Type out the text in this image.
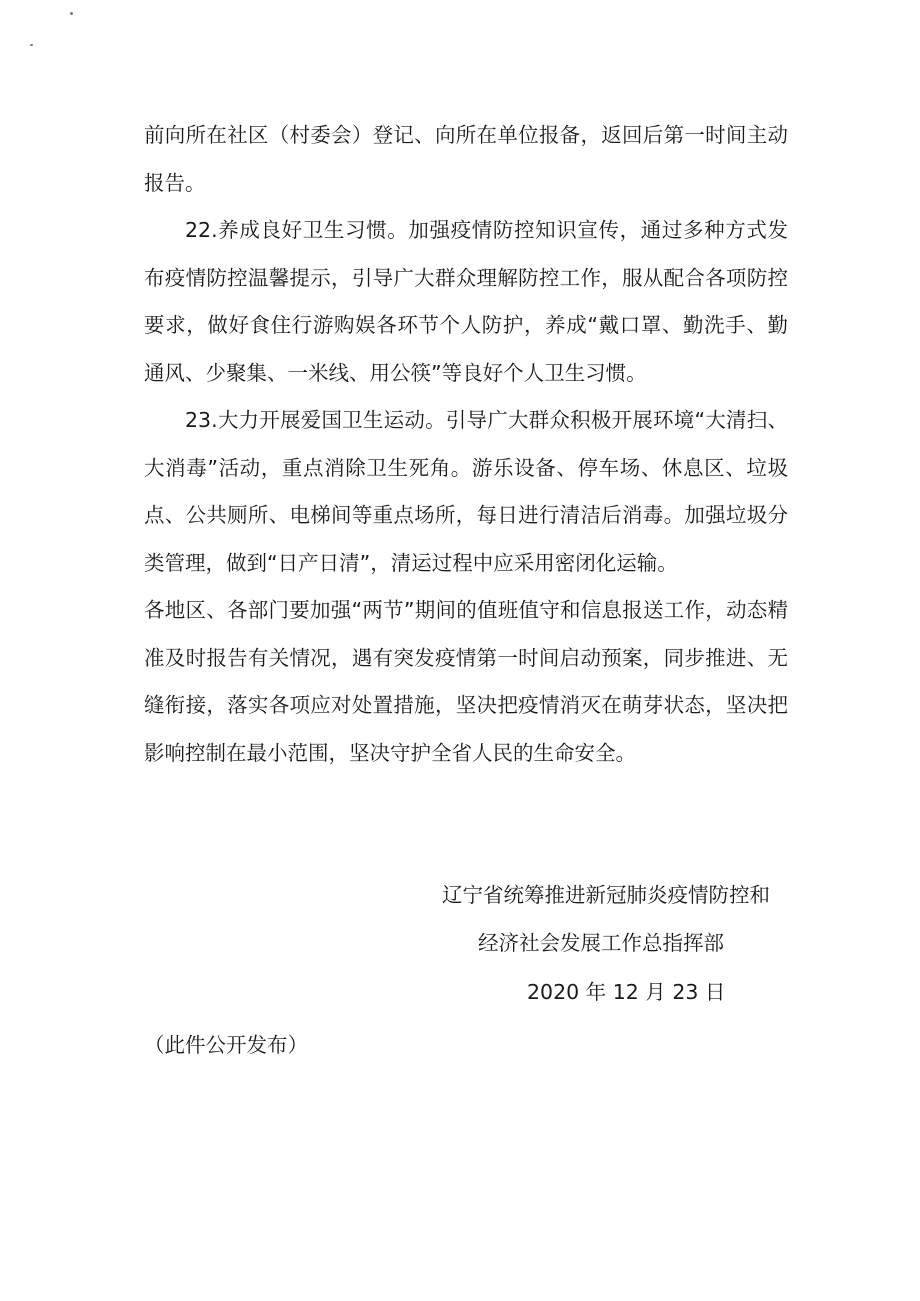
前向所在社区（村委会）登记、向所在单位报备，返回后第一时间主动报告。

22.养成良好卫生习惯。加强疫情防控知识宣传，通过多种方式发布疫情防控温馨提示，引导广大群众理解防控工作，服从配合各项防控要求，做好食住行游购娱各环节个人防护，养成“戴口罩、勤洗手、勤通风、少聚集、一米线、用公筷”等良好个人卫生习惯。

23.大力开展爱国卫生运动。引导广大群众积极开展环境“大清扫、大消毒”活动，重点消除卫生死角。游乐设备、停车场、休息区、垃圾点、公共厕所、电梯间等重点场所，每日进行清洁后消毒。加强垃圾分类管理，做到“日产日清”，清运过程中应采用密闭化运输。

各地区、各部门要加强“两节”期间的值班值守和信息报送工作，动态精准及时报告有关情况，遇有突发疫情第一时间启动预案，同步推进、无缝衔接，落实各项应对处置措施，坚决把疫情消灭在萌芽状态，坚决把影响控制在最小范围，坚决守护全省人民的生命安全。

辽宁省统筹推进新冠肺炎疫情防控和
经济社会发展工作总指挥部
2020 年 12 月 23 日
（此件公开发布）
